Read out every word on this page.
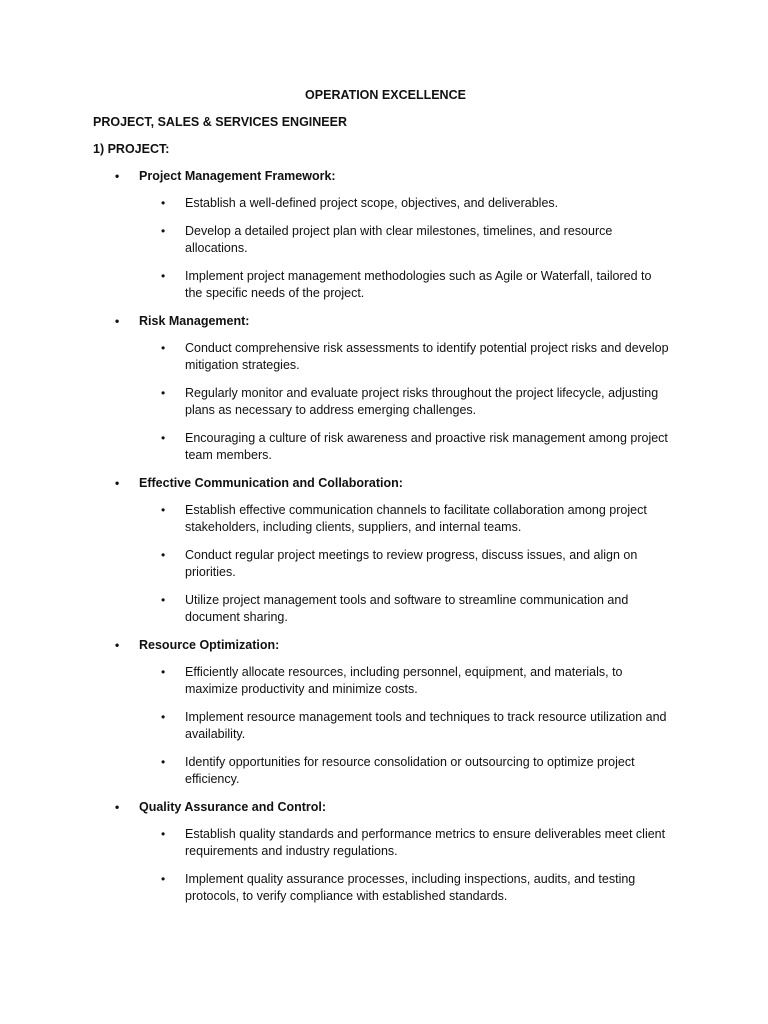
OPERATION EXCELLENCE
PROJECT, SALES & SERVICES ENGINEER
1) PROJECT:
• Project Management Framework:
• Establish a well-defined project scope, objectives, and deliverables.
• Develop a detailed project plan with clear milestones, timelines, and resource allocations.
• Implement project management methodologies such as Agile or Waterfall, tailored to the specific needs of the project.
• Risk Management:
• Conduct comprehensive risk assessments to identify potential project risks and develop mitigation strategies.
• Regularly monitor and evaluate project risks throughout the project lifecycle, adjusting plans as necessary to address emerging challenges.
• Encouraging a culture of risk awareness and proactive risk management among project team members.
• Effective Communication and Collaboration:
• Establish effective communication channels to facilitate collaboration among project stakeholders, including clients, suppliers, and internal teams.
• Conduct regular project meetings to review progress, discuss issues, and align on priorities.
• Utilize project management tools and software to streamline communication and document sharing.
• Resource Optimization:
• Efficiently allocate resources, including personnel, equipment, and materials, to maximize productivity and minimize costs.
• Implement resource management tools and techniques to track resource utilization and availability.
• Identify opportunities for resource consolidation or outsourcing to optimize project efficiency.
• Quality Assurance and Control:
• Establish quality standards and performance metrics to ensure deliverables meet client requirements and industry regulations.
• Implement quality assurance processes, including inspections, audits, and testing protocols, to verify compliance with established standards.
